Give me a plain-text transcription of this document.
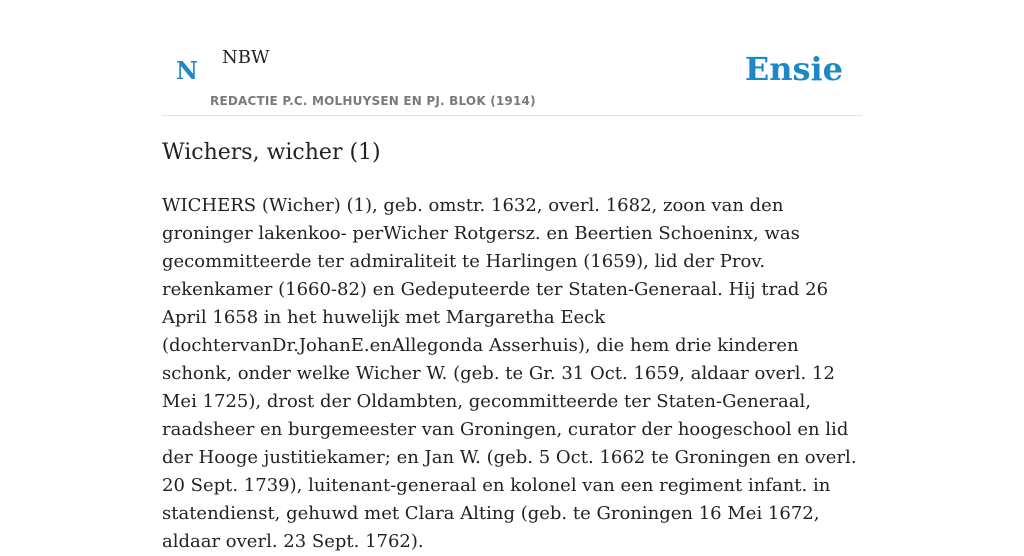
N NBW
REDACTIE P.C. MOLHUYSEN EN PJ. BLOK (1914)
Ensie
Wichers, wicher (1)

WICHERS (Wicher) (1), geb. omstr. 1632, overl. 1682, zoon van den groninger lakenkoo- perWicher Rotgersz. en Beertien Schoeninx, was gecommitteerde ter admiraliteit te Harlingen (1659), lid der Prov. rekenkamer (1660-82) en Gedeputeerde ter Staten-Generaal. Hij trad 26 April 1658 in het huwelijk met Margaretha Eeck (dochtervanDr.JohanE.enAllegonda Asserhuis), die hem drie kinderen schonk, onder welke Wicher W. (geb. te Gr. 31 Oct. 1659, aldaar overl. 12 Mei 1725), drost der Oldambten, gecommitteerde ter Staten-Generaal, raadsheer en burgemeester van Groningen, curator der hoogeschool en lid der Hooge justitiekamer; en Jan W. (geb. 5 Oct. 1662 te Groningen en overl. 20 Sept. 1739), luitenant-generaal en kolonel van een regiment infant. in statendienst, gehuwd met Clara Alting (geb. te Groningen 16 Mei 1672, aldaar overl. 23 Sept. 1762).
